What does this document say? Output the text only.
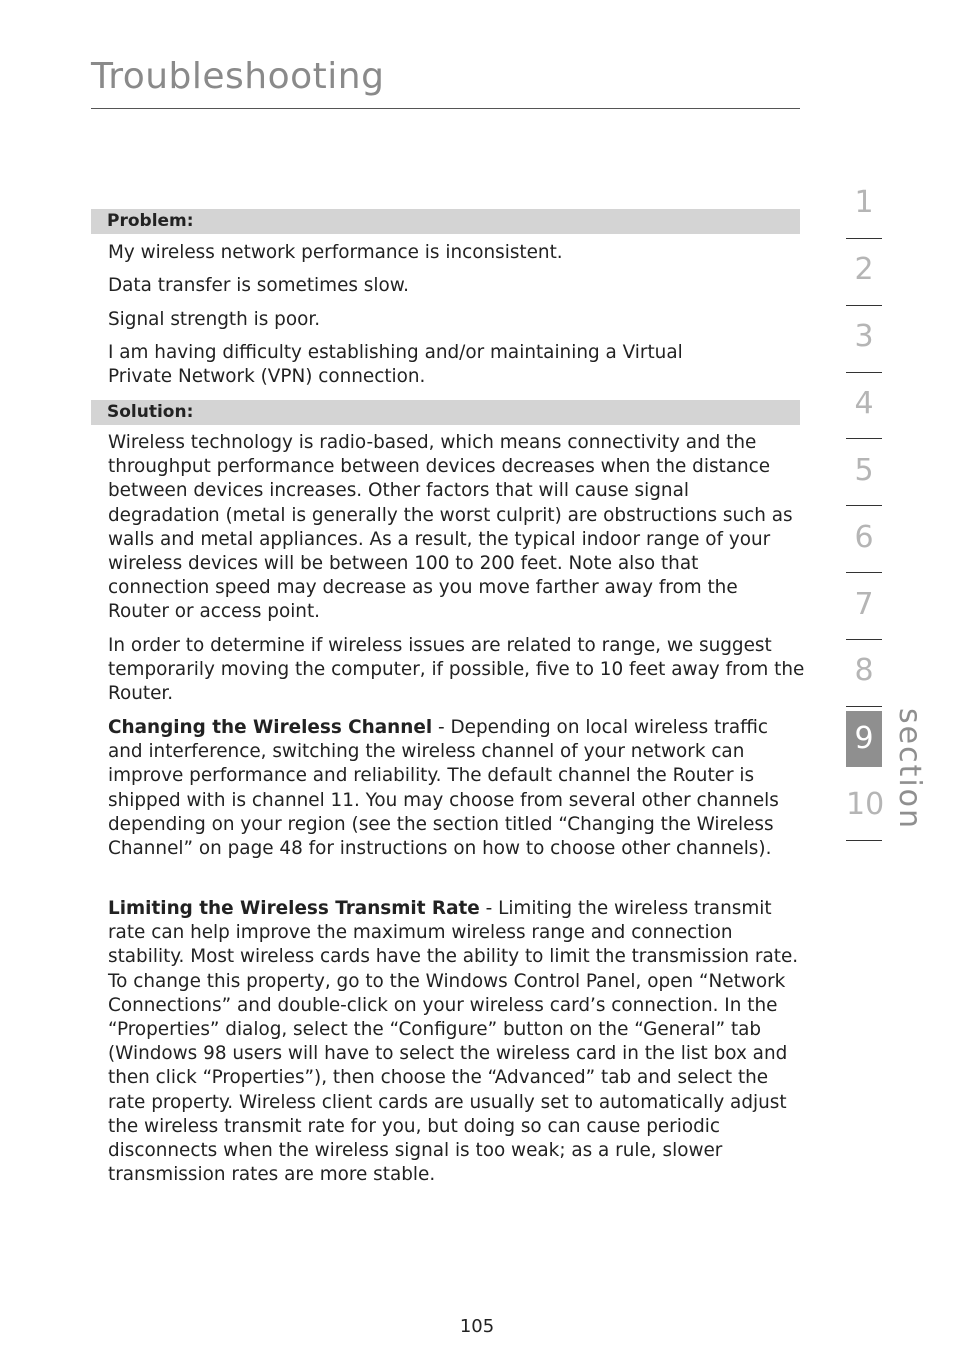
Troubleshooting
Problem:

My wireless network performance is inconsistent.

Data transfer is sometimes slow.

Signal strength is poor.

I am having difficulty establishing and/or maintaining a Virtual Private Network (VPN) connection.

Solution:

Wireless technology is radio-based, which means connectivity and the throughput performance between devices decreases when the distance between devices increases. Other factors that will cause signal degradation (metal is generally the worst culprit) are obstructions such as walls and metal appliances. As a result, the typical indoor range of your wireless devices will be between 100 to 200 feet. Note also that connection speed may decrease as you move farther away from the Router or access point.

In order to determine if wireless issues are related to range, we suggest temporarily moving the computer, if possible, five to 10 feet away from the Router.

Changing the Wireless Channel - Depending on local wireless traffic and interference, switching the wireless channel of your network can improve performance and reliability. The default channel the Router is shipped with is channel 11. You may choose from several other channels depending on your region (see the section titled “Changing the Wireless Channel” on page 48 for instructions on how to choose other channels).

Limiting the Wireless Transmit Rate - Limiting the wireless transmit rate can help improve the maximum wireless range and connection stability. Most wireless cards have the ability to limit the transmission rate. To change this property, go to the Windows Control Panel, open “Network Connections” and double-click on your wireless card’s connection. In the “Properties” dialog, select the “Configure” button on the “General” tab (Windows 98 users will have to select the wireless card in the list box and then click “Properties”), then choose the “Advanced” tab and select the rate property. Wireless client cards are usually set to automatically adjust the wireless transmit rate for you, but doing so can cause periodic disconnects when the wireless signal is too weak; as a rule, slower transmission rates are more stable.

1
2
3
4
5
6
7
8
9
10 section
105
